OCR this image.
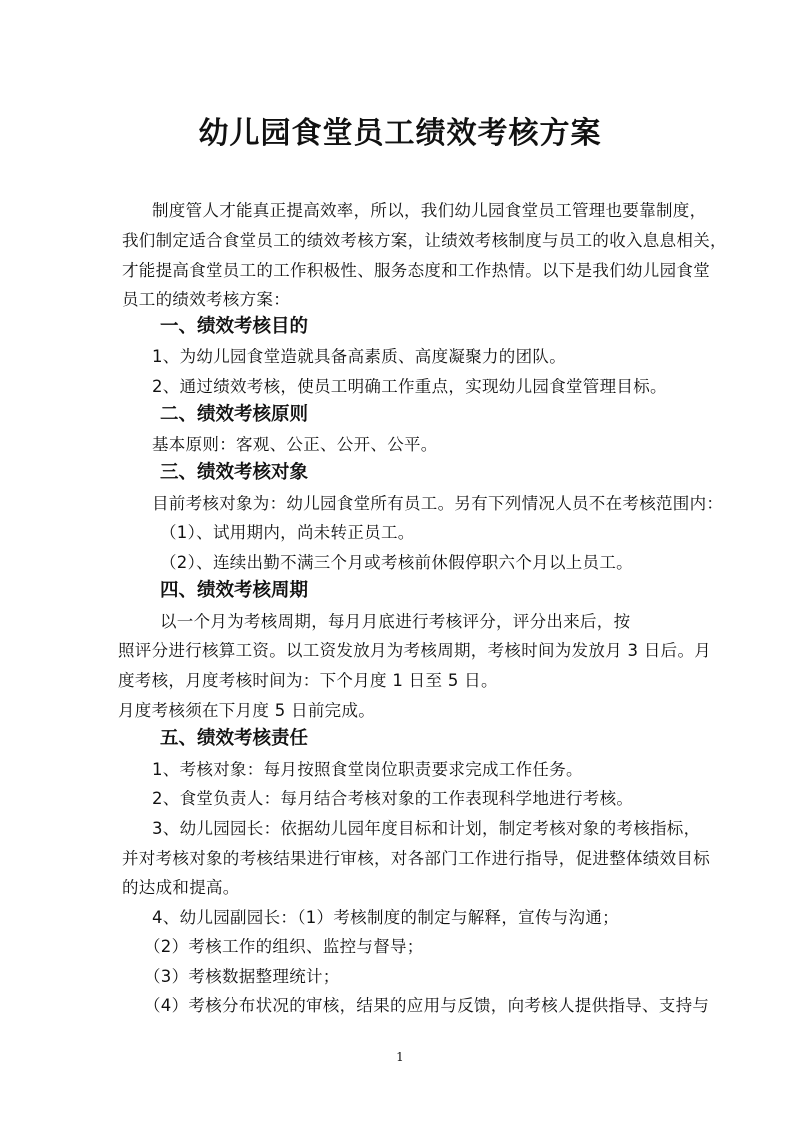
幼儿园食堂员工绩效考核方案
制度管人才能真正提高效率，所以，我们幼儿园食堂员工管理也要靠制度，
我们制定适合食堂员工的绩效考核方案，让绩效考核制度与员工的收入息息相关，
才能提高食堂员工的工作积极性、服务态度和工作热情。以下是我们幼儿园食堂
员工的绩效考核方案：
一、绩效考核目的
1、为幼儿园食堂造就具备高素质、高度凝聚力的团队。
2、通过绩效考核，使员工明确工作重点，实现幼儿园食堂管理目标。
二、绩效考核原则
基本原则：客观、公正、公开、公平。
三、绩效考核对象
目前考核对象为：幼儿园食堂所有员工。另有下列情况人员不在考核范围内：
（1）、试用期内，尚未转正员工。
（2）、连续出勤不满三个月或考核前休假停职六个月以上员工。
四、绩效考核周期
以一个月为考核周期，每月月底进行考核评分，评分出来后，按
照评分进行核算工资。以工资发放月为考核周期，考核时间为发放月 3 日后。月
度考核，月度考核时间为：下个月度 1 日至 5 日。
月度考核须在下月度 5 日前完成。
五、绩效考核责任
1、考核对象：每月按照食堂岗位职责要求完成工作任务。
2、食堂负责人：每月结合考核对象的工作表现科学地进行考核。
3、幼儿园园长：依据幼儿园年度目标和计划，制定考核对象的考核指标，
并对考核对象的考核结果进行审核，对各部门工作进行指导，促进整体绩效目标
的达成和提高。
4、幼儿园副园长：（1）考核制度的制定与解释，宣传与沟通；
（2）考核工作的组织、监控与督导；
（3）考核数据整理统计；
（4）考核分布状况的审核，结果的应用与反馈，向考核人提供指导、支持与
1
